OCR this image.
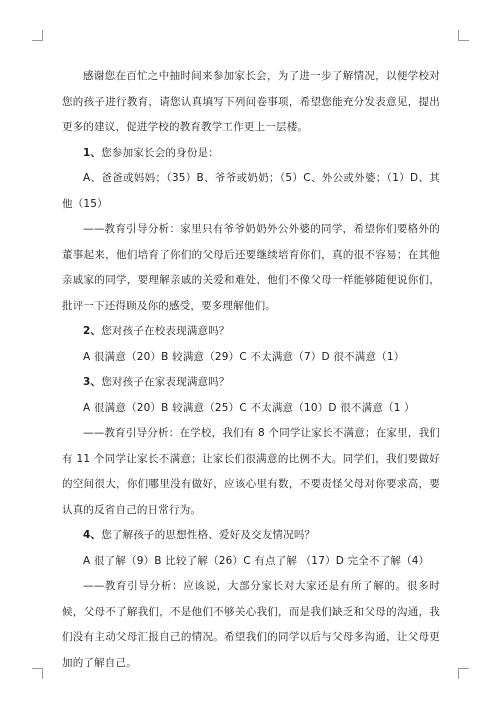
感谢您在百忙之中抽时间来参加家长会，为了进一步了解情况，以便学校对您的孩子进行教育，请您认真填写下列问卷事项，希望您能充分发表意见，提出更多的建议，促进学校的教育教学工作更上一层楼。

1、您参加家长会的身份是：

A、爸爸或妈妈；（35）B、爷爷或奶奶；（5）C、外公或外婆；（1）D、其他（15）

——教育引导分析：家里只有爷爷奶奶外公外婆的同学，希望你们要格外的董事起来，他们培育了你们的父母后还要继续培育你们，真的很不容易；在其他亲戚家的同学，要理解亲戚的关爱和难处，他们不像父母一样能够随便说你们，批评一下还得顾及你的感受，要多理解他们。

2、您对孩子在校表现满意吗？

A 很满意（20）B 较满意（29）C 不太满意（7）D 很不满意（1）

3、您对孩子在家表现满意吗？

A 很满意（20）B 较满意（25）C 不太满意（10）D 很不满意（1 ）

——教育引导分析：在学校，我们有 8 个同学让家长不满意；在家里，我们有 11 个同学让家长不满意；让家长们很满意的比例不大。同学们，我们要做好的空间很大，你们哪里没有做好，应该心里有数，不要责怪父母对你要求高，要认真的反省自己的日常行为。

4、您了解孩子的思想性格、爱好及交友情况吗？

A 很了解（9）B 比较了解（26）C 有点了解 （17）D 完全不了解（4）

——教育引导分析：应该说，大部分家长对大家还是有所了解的。很多时候，父母不了解我们，不是他们不够关心我们，而是我们缺乏和父母的沟通，我们没有主动父母汇报自己的情况。希望我们的同学以后与父母多沟通，让父母更加的了解自己。
